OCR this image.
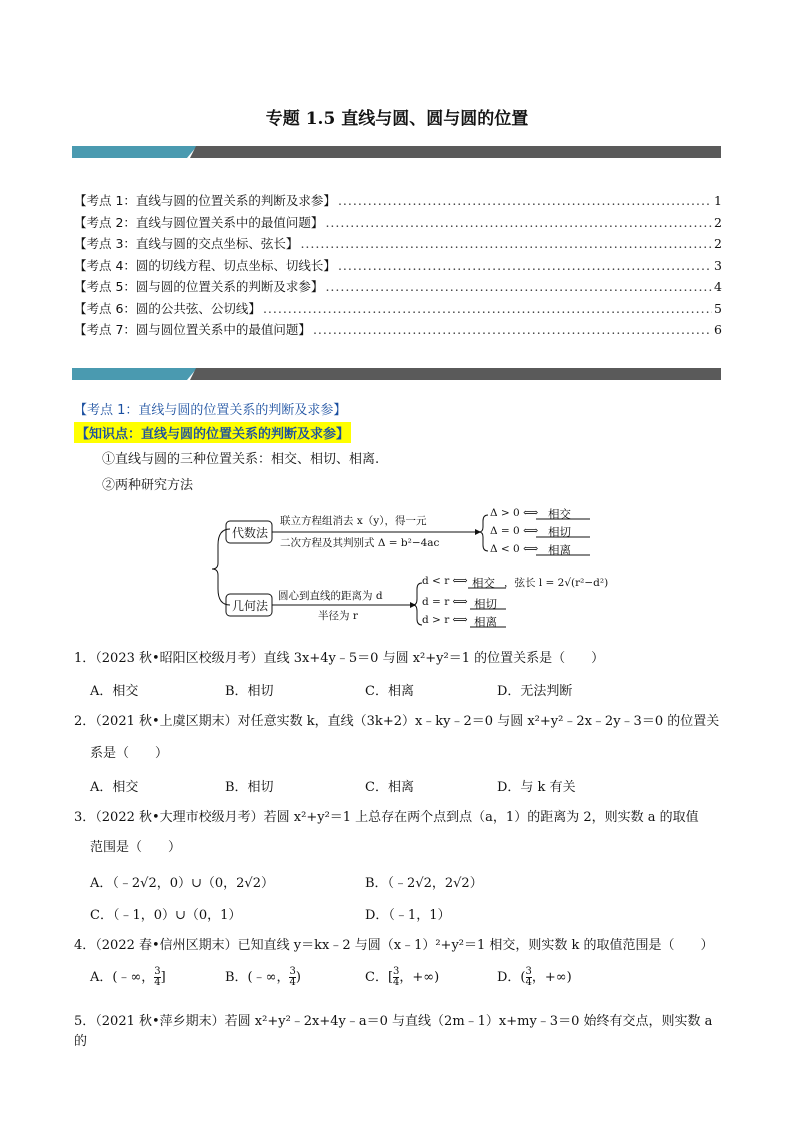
专题 1.5 直线与圆、圆与圆的位置
【考点 1：直线与圆的位置关系的判断及求参】 .....	1
【考点 2：直线与圆位置关系中的最值问题】 .....	2
【考点 3：直线与圆的交点坐标、弦长】 .....	2
【考点 4：圆的切线方程、切点坐标、切线长】 .....	3
【考点 5：圆与圆的位置关系的判断及求参】 .....	4
【考点 6：圆的公共弦、公切线】 .....	5
【考点 7：圆与圆位置关系中的最值问题】 .....	6
【考点 1：直线与圆的位置关系的判断及求参】
【知识点：直线与圆的位置关系的判断及求参】
①直线与圆的三种位置关系：相交、相切、相离.
②两种研究方法
代数法
几何法
联立方程组消去 x（y），得一元
二次方程及其判别式 Δ = b²−4ac
Δ > 0 ⟺
Δ = 0 ⟺
Δ < 0 ⟺
相交
相切
相离
圆心到直线的距离为 d
半径为 r
d < r ⟺
d = r ⟺
d > r ⟺
相交 ，弦长 l = 2√(r²−d²)
相切
相离
1．（2023 秋•昭阳区校级月考）直线 3x+4y﹣5＝0 与圆 x²+y²＝1 的位置关系是（　　）
A．相交	B．相切	C．相离	D．无法判断
2．（2021 秋•上虞区期末）对任意实数 k，直线（3k+2）x﹣ky﹣2＝0 与圆 x²+y²﹣2x﹣2y﹣3＝0 的位置关
系是（　　）
A．相交	B．相切	C．相离	D．与 k 有关
3．（2022 秋•大理市校级月考）若圆 x²+y²＝1 上总存在两个点到点（a，1）的距离为 2，则实数 a 的取值
范围是（　　）
A．（﹣2√2，0）∪（0，2√2）	B．（﹣2√2，2√2）
C．（﹣1，0）∪（0，1）	D．（﹣1，1）
4．（2022 春•信州区期末）已知直线 y＝kx﹣2 与圆（x﹣1）²+y²＝1 相交，则实数 k 的取值范围是（　　）
A．(﹣∞， $\frac{3}{4}$ ]	B．(﹣∞， $\frac{3}{4}$ )	C．[ $\frac{3}{4}$ ，+∞)	D．( $\frac{3}{4}$ ，+∞)
5．（2021 秋•萍乡期末）若圆 x²+y²﹣2x+4y﹣a＝0 与直线（2m﹣1）x+my﹣3＝0 始终有交点，则实数 a 的
